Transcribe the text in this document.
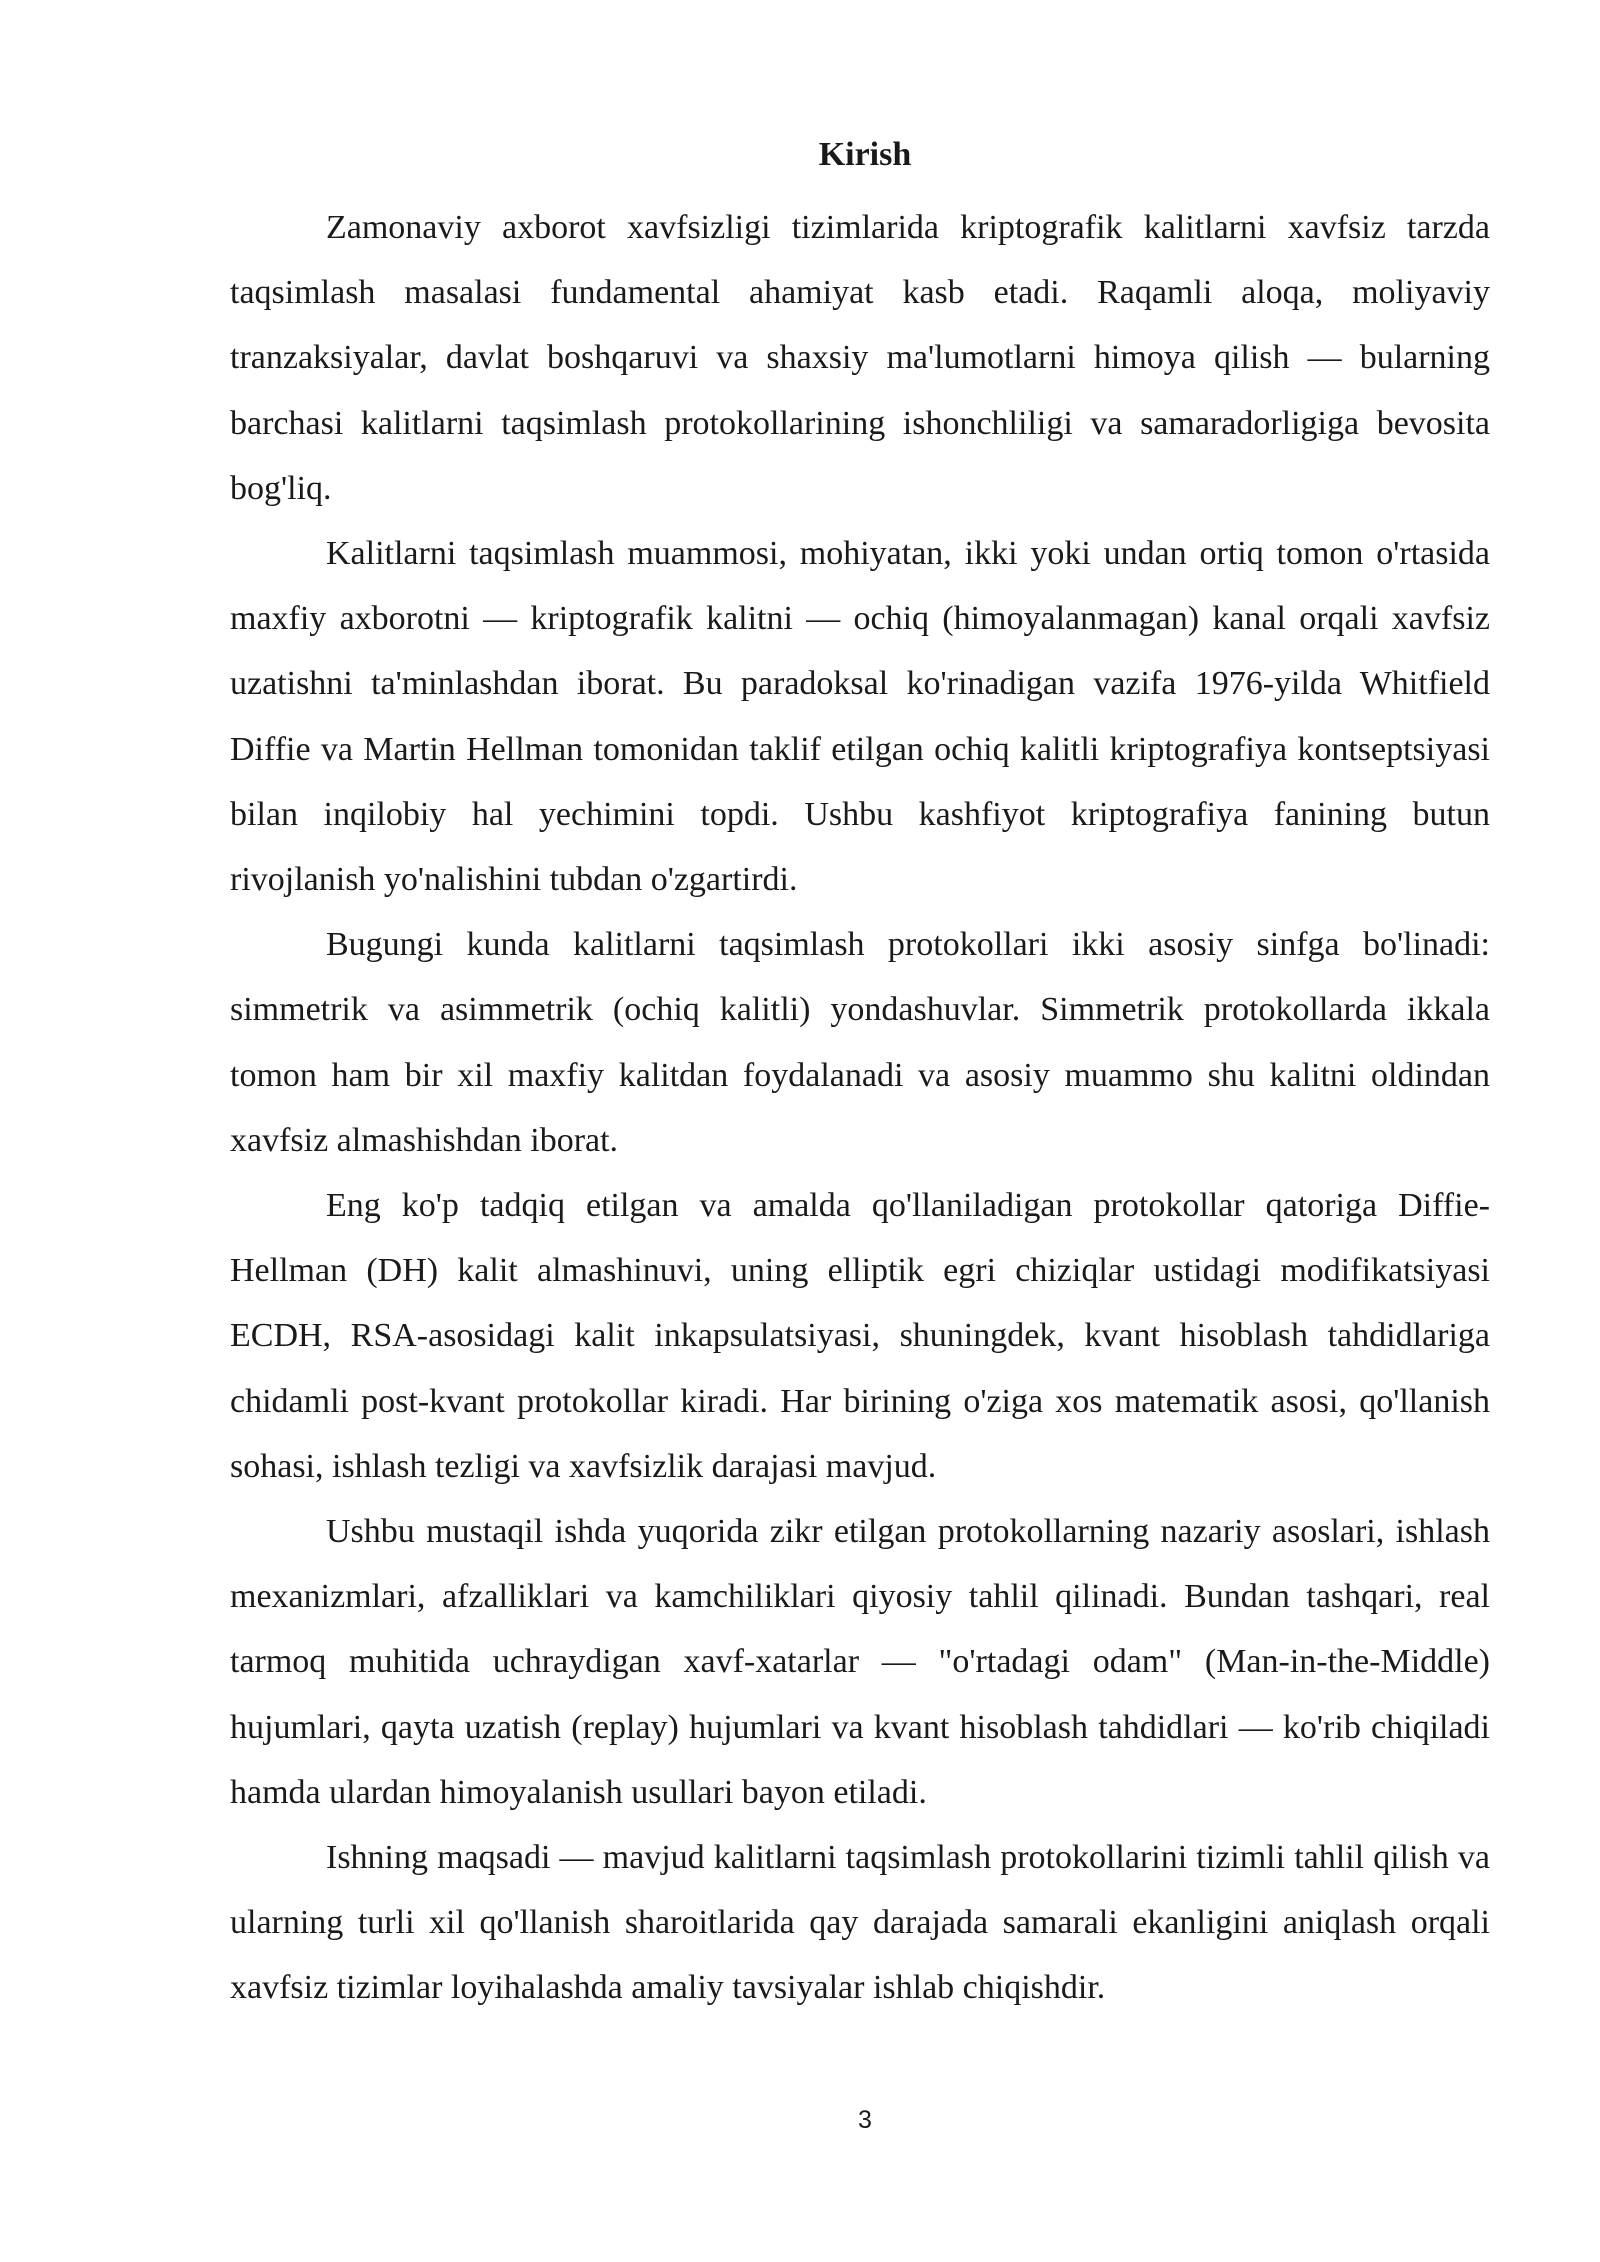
Kirish

Zamonaviy axborot xavfsizligi tizimlarida kriptografik kalitlarni xavfsiz tarzda taqsimlash masalasi fundamental ahamiyat kasb etadi. Raqamli aloqa, moliyaviy tranzaksiyalar, davlat boshqaruvi va shaxsiy ma'lumotlarni himoya qilish — bularning barchasi kalitlarni taqsimlash protokollarining ishonchliligi va samaradorligiga bevosita bog'liq.

Kalitlarni taqsimlash muammosi, mohiyatan, ikki yoki undan ortiq tomon o'rtasida maxfiy axborotni — kriptografik kalitni — ochiq (himoyalanmagan) kanal orqali xavfsiz uzatishni ta'minlashdan iborat. Bu paradoksal ko'rinadigan vazifa 1976-yilda Whitfield Diffie va Martin Hellman tomonidan taklif etilgan ochiq kalitli kriptografiya kontseptsiyasi bilan inqilobiy hal yechimini topdi. Ushbu kashfiyot kriptografiya fanining butun rivojlanish yo'nalishini tubdan o'zgartirdi.

Bugungi kunda kalitlarni taqsimlash protokollari ikki asosiy sinfga bo'linadi: simmetrik va asimmetrik (ochiq kalitli) yondashuvlar. Simmetrik protokollarda ikkala tomon ham bir xil maxfiy kalitdan foydalanadi va asosiy muammo shu kalitni oldindan xavfsiz almashishdan iborat.

Eng ko'p tadqiq etilgan va amalda qo'llaniladigan protokollar qatoriga Diffie-Hellman (DH) kalit almashinuvi, uning elliptik egri chiziqlar ustidagi modifikatsiyasi ECDH, RSA-asosidagi kalit inkapsulatsiyasi, shuningdek, kvant hisoblash tahdidlariga chidamli post-kvant protokollar kiradi. Har birining o'ziga xos matematik asosi, qo'llanish sohasi, ishlash tezligi va xavfsizlik darajasi mavjud.

Ushbu mustaqil ishda yuqorida zikr etilgan protokollarning nazariy asoslari, ishlash mexanizmlari, afzalliklari va kamchiliklari qiyosiy tahlil qilinadi. Bundan tashqari, real tarmoq muhitida uchraydigan xavf-xatarlar — "o'rtadagi odam" (Man-in-the-Middle) hujumlari, qayta uzatish (replay) hujumlari va kvant hisoblash tahdidlari — ko'rib chiqiladi hamda ulardan himoyalanish usullari bayon etiladi.

Ishning maqsadi — mavjud kalitlarni taqsimlash protokollarini tizimli tahlil qilish va ularning turli xil qo'llanish sharoitlarida qay darajada samarali ekanligini aniqlash orqali xavfsiz tizimlar loyihalashda amaliy tavsiyalar ishlab chiqishdir.

3
